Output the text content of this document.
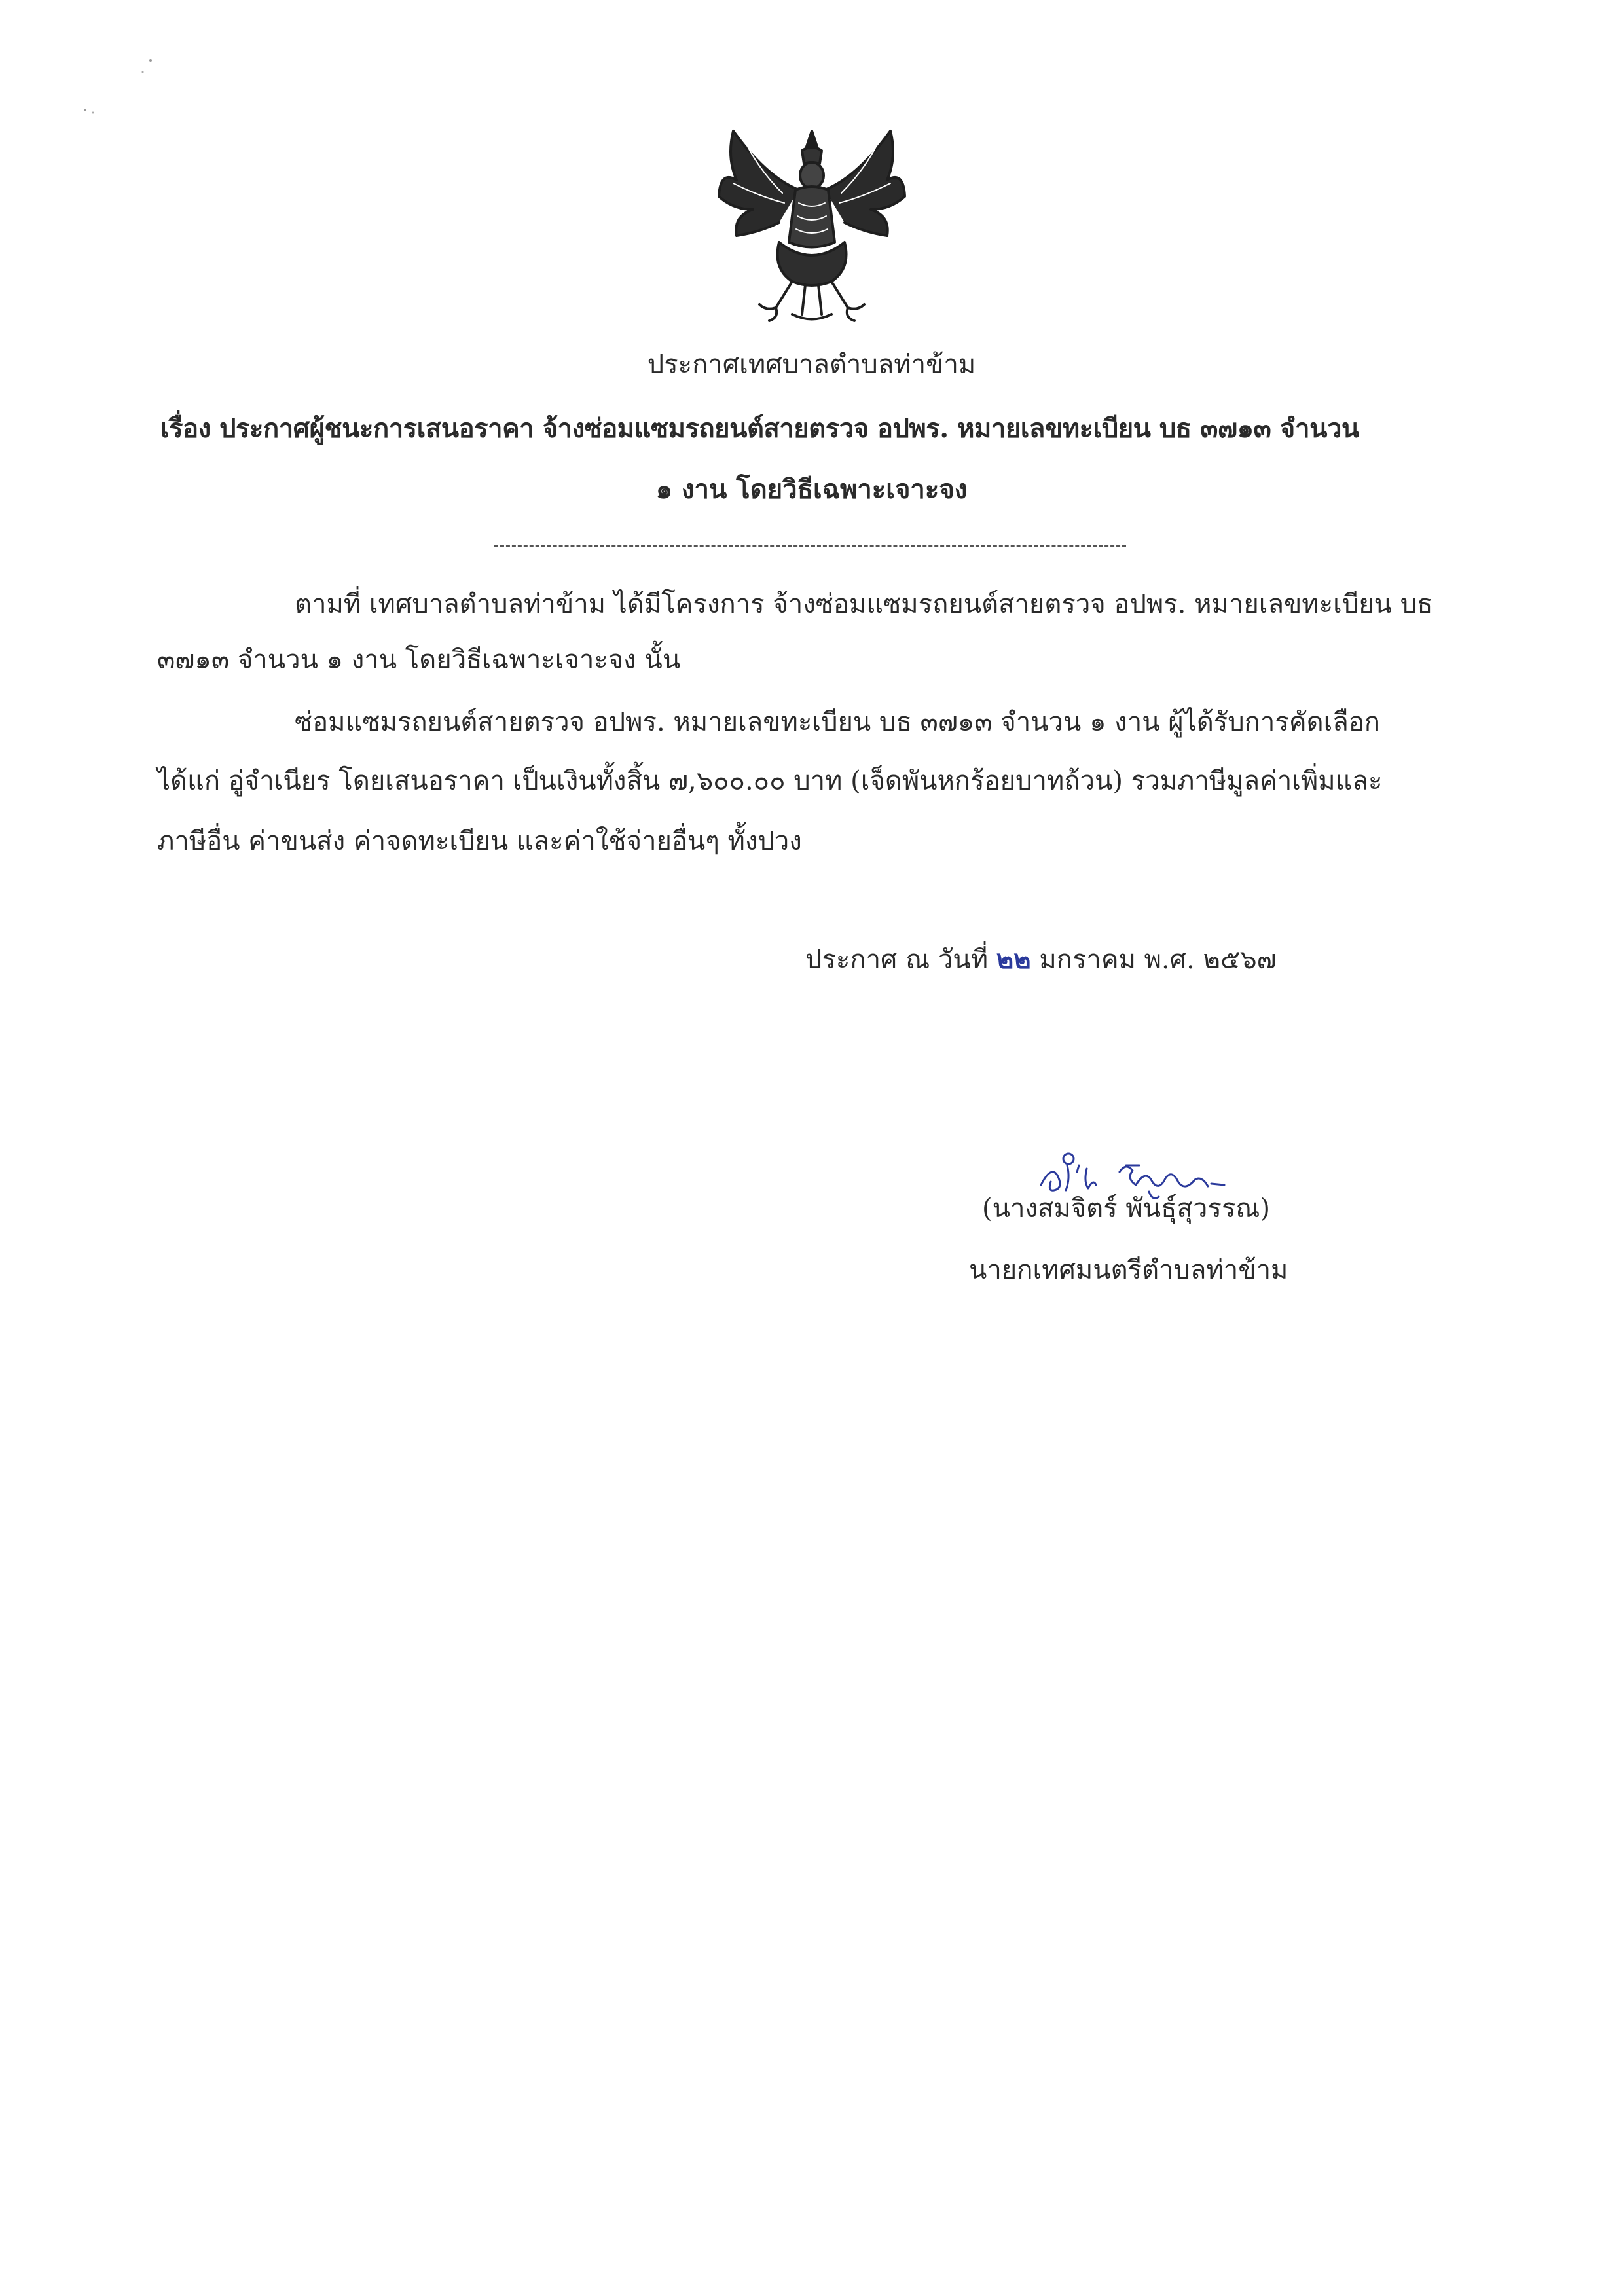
ประกาศเทศบาลตำบลท่าข้าม
เรื่อง ประกาศผู้ชนะการเสนอราคา จ้างซ่อมแซมรถยนต์สายตรวจ อปพร. หมายเลขทะเบียน บธ ๓๗๑๓ จำนวน
๑ งาน โดยวิธีเฉพาะเจาะจง
ตามที่ เทศบาลตำบลท่าข้าม ได้มีโครงการ จ้างซ่อมแซมรถยนต์สายตรวจ อปพร. หมายเลขทะเบียน บธ
๓๗๑๓ จำนวน ๑ งาน โดยวิธีเฉพาะเจาะจง นั้น
ซ่อมแซมรถยนต์สายตรวจ อปพร. หมายเลขทะเบียน บธ ๓๗๑๓ จำนวน ๑ งาน ผู้ได้รับการคัดเลือก
ได้แก่ อู่จำเนียร โดยเสนอราคา เป็นเงินทั้งสิ้น ๗,๖๐๐.๐๐ บาท (เจ็ดพันหกร้อยบาทถ้วน) รวมภาษีมูลค่าเพิ่มและ
ภาษีอื่น ค่าขนส่ง ค่าจดทะเบียน และค่าใช้จ่ายอื่นๆ ทั้งปวง
ประกาศ ณ วันที่ ๒๒ มกราคม พ.ศ. ๒๕๖๗
(นางสมจิตร์ พันธุ์สุวรรณ)
นายกเทศมนตรีตำบลท่าข้าม
